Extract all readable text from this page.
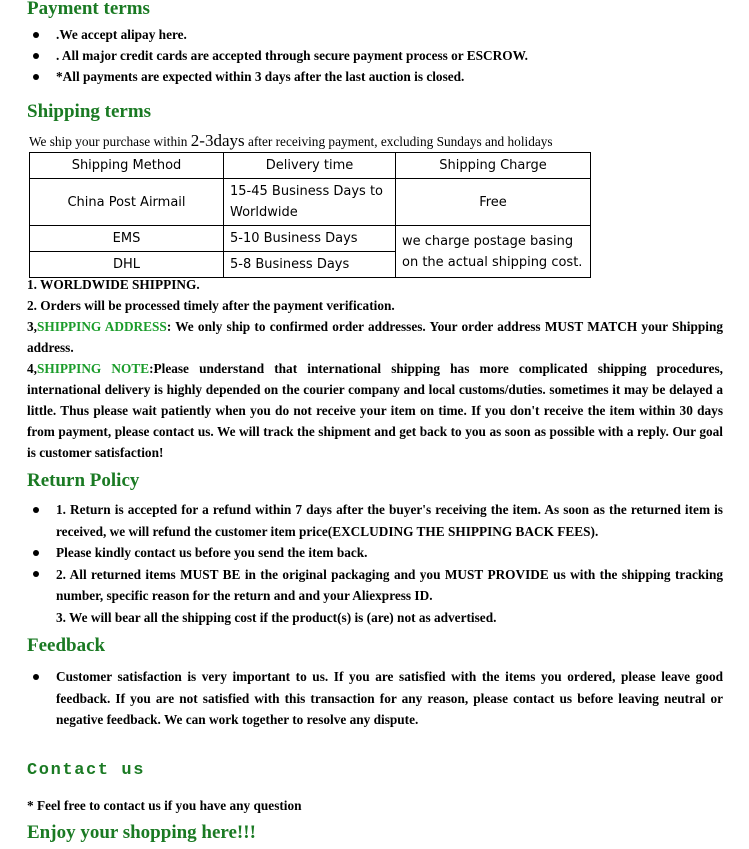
Payment terms
.We accept alipay here.
. All major credit cards are accepted through secure payment process or ESCROW.
*All payments are expected within 3 days after the last auction is closed.
Shipping terms
We ship your purchase within 2-3days after receiving payment, excluding Sundays and holidays
Shipping Method	Delivery time	Shipping Charge
China Post Airmail	15-45 Business Days to Worldwide	Free
EMS	5-10 Business Days	we charge postage basing on the actual shipping cost.
DHL	5-8 Business Days	

1. WORLDWIDE SHIPPING.

2. Orders will be processed timely after the payment verification.

3,SHIPPING ADDRESS: We only ship to confirmed order addresses. Your order address MUST MATCH your Shipping address.

4,SHIPPING NOTE:Please understand that international shipping has more complicated shipping procedures, international delivery is highly depended on the courier company and local customs/duties. sometimes it may be delayed a little. Thus please wait patiently when you do not receive your item on time. If you don't receive the item within 30 days from payment, please contact us. We will track the shipment and get back to you as soon as possible with a reply. Our goal is customer satisfaction!

Return Policy
1. Return is accepted for a refund within 7 days after the buyer's receiving the item. As soon as the returned item is received, we will refund the customer item price(EXCLUDING THE SHIPPING BACK FEES).
Please kindly contact us before you send the item back.
2. All returned items MUST BE in the original packaging and you MUST PROVIDE us with the shipping tracking number, specific reason for the return and and your Aliexpress ID.
3. We will bear all the shipping cost if the product(s) is (are) not as advertised.
Feedback
Customer satisfaction is very important to us. If you are satisfied with the items you ordered, please leave good feedback. If you are not satisfied with this transaction for any reason, please contact us before leaving neutral or negative feedback. We can work together to resolve any dispute.
Contact us

* Feel free to contact us if you have any question

Enjoy your shopping here!!!
